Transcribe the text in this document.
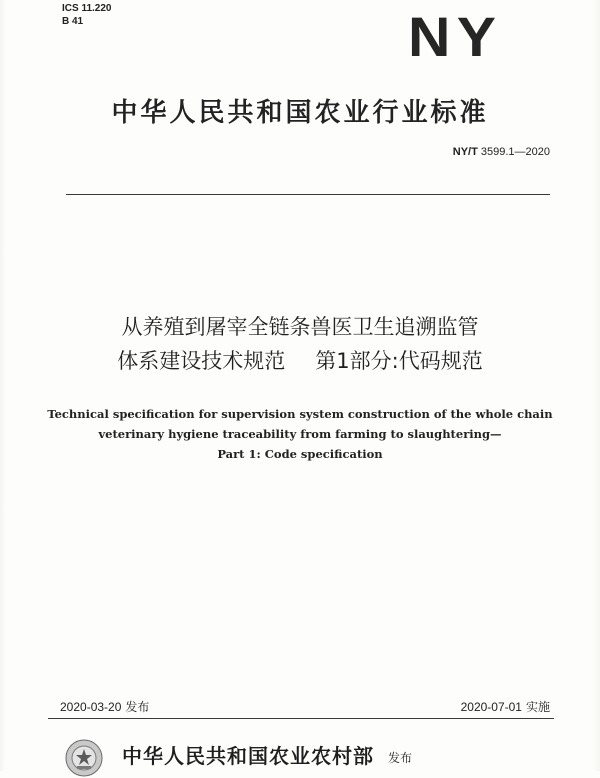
ICS 11.220
B 41	NY
中华人民共和国农业行业标准
NY/T 3599.1—2020
从养殖到屠宰全链条兽医卫生追溯监管
体系建设技术规范 第1部分:代码规范
Technical specification for supervision system construction of the whole chain
veterinary hygiene traceability from farming to slaughtering—
Part 1: Code specification
2020-03-20 发布	2020-07-01 实施
中华人民共和国农业农村部 发布
